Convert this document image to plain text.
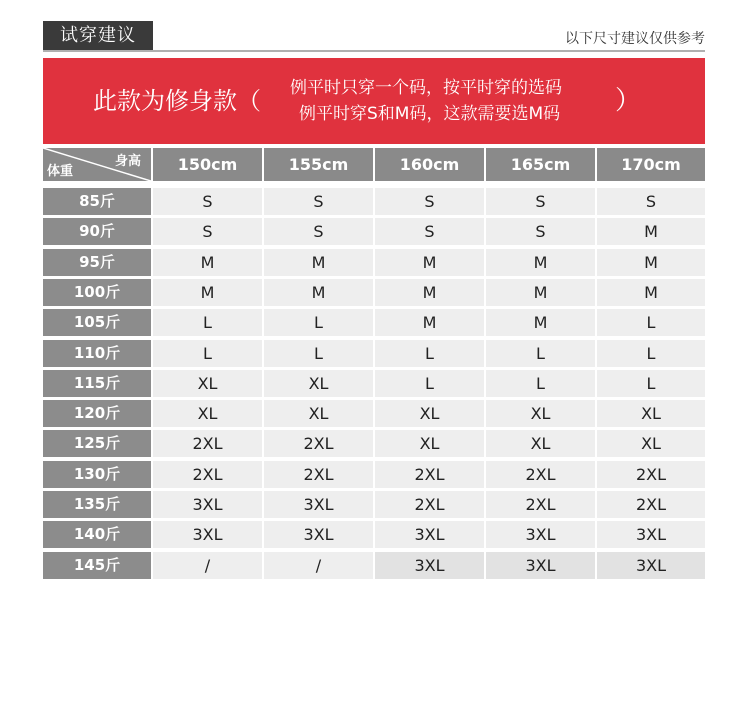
试穿建议	以下尺寸建议仅供参考
此款为修身款（ 例平时只穿一个码，按平时穿的选码
例平时穿S和M码，这款需要选M码 ）
身高
体重	150cm	155cm	160cm	165cm	170cm
85斤	S	S	S	S	S
90斤	S	S	S	S	M
95斤	M	M	M	M	M
100斤	M	M	M	M	M
105斤	L	L	M	M	L
110斤	L	L	L	L	L
115斤	XL	XL	L	L	L
120斤	XL	XL	XL	XL	XL
125斤	2XL	2XL	XL	XL	XL
130斤	2XL	2XL	2XL	2XL	2XL
135斤	3XL	3XL	2XL	2XL	2XL
140斤	3XL	3XL	3XL	3XL	3XL
145斤	/	/	3XL	3XL	3XL
